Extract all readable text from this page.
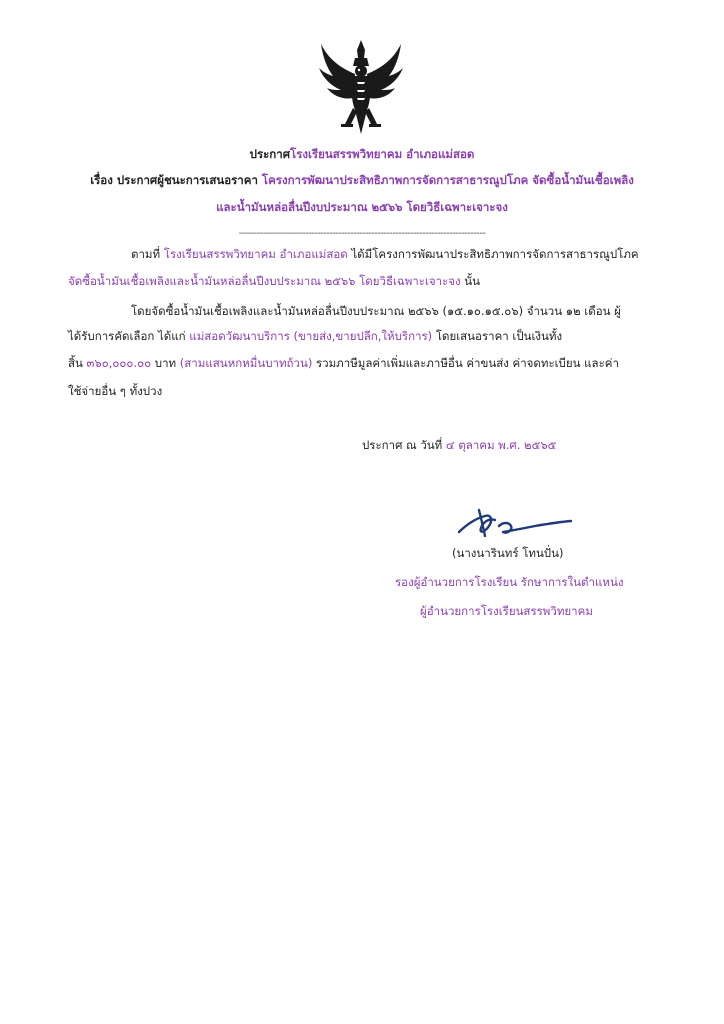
ประกาศโรงเรียนสรรพวิทยาคม อำเภอแม่สอด
เรื่อง ประกาศผู้ชนะการเสนอราคา โครงการพัฒนาประสิทธิภาพการจัดการสาธารณูปโภค จัดซื้อน้ำมันเชื้อเพลิง
และน้ำมันหล่อลื่นปีงบประมาณ ๒๕๖๖ โดยวิธีเฉพาะเจาะจง
----------------------------------------------------------------------------------
ตามที่ โรงเรียนสรรพวิทยาคม อำเภอแม่สอด ได้มีโครงการพัฒนาประสิทธิภาพการจัดการสาธารณูปโภค
จัดซื้อน้ำมันเชื้อเพลิงและน้ำมันหล่อลื่นปีงบประมาณ ๒๕๖๖ โดยวิธีเฉพาะเจาะจง นั้น
โดยจัดซื้อน้ำมันเชื้อเพลิงและน้ำมันหล่อลื่นปีงบประมาณ ๒๕๖๖ (๑๕.๑๐.๑๕.๐๖) จำนวน ๑๒ เดือน ผู้
ได้รับการคัดเลือก ได้แก่ แม่สอดวัฒนาบริการ (ขายส่ง,ขายปลีก,ให้บริการ) โดยเสนอราคา เป็นเงินทั้ง
สิ้น ๓๖๐,๐๐๐.๐๐ บาท (สามแสนหกหมื่นบาทถ้วน) รวมภาษีมูลค่าเพิ่มและภาษีอื่น ค่าขนส่ง ค่าจดทะเบียน และค่า
ใช้จ่ายอื่น ๆ ทั้งปวง
ประกาศ ณ วันที่ ๔ ตุลาคม พ.ศ. ๒๕๖๕
(นางนารินทร์ โทนปั่น)
รองผู้อำนวยการโรงเรียน รักษาการในตำแหน่ง
ผู้อำนวยการโรงเรียนสรรพวิทยาคม
